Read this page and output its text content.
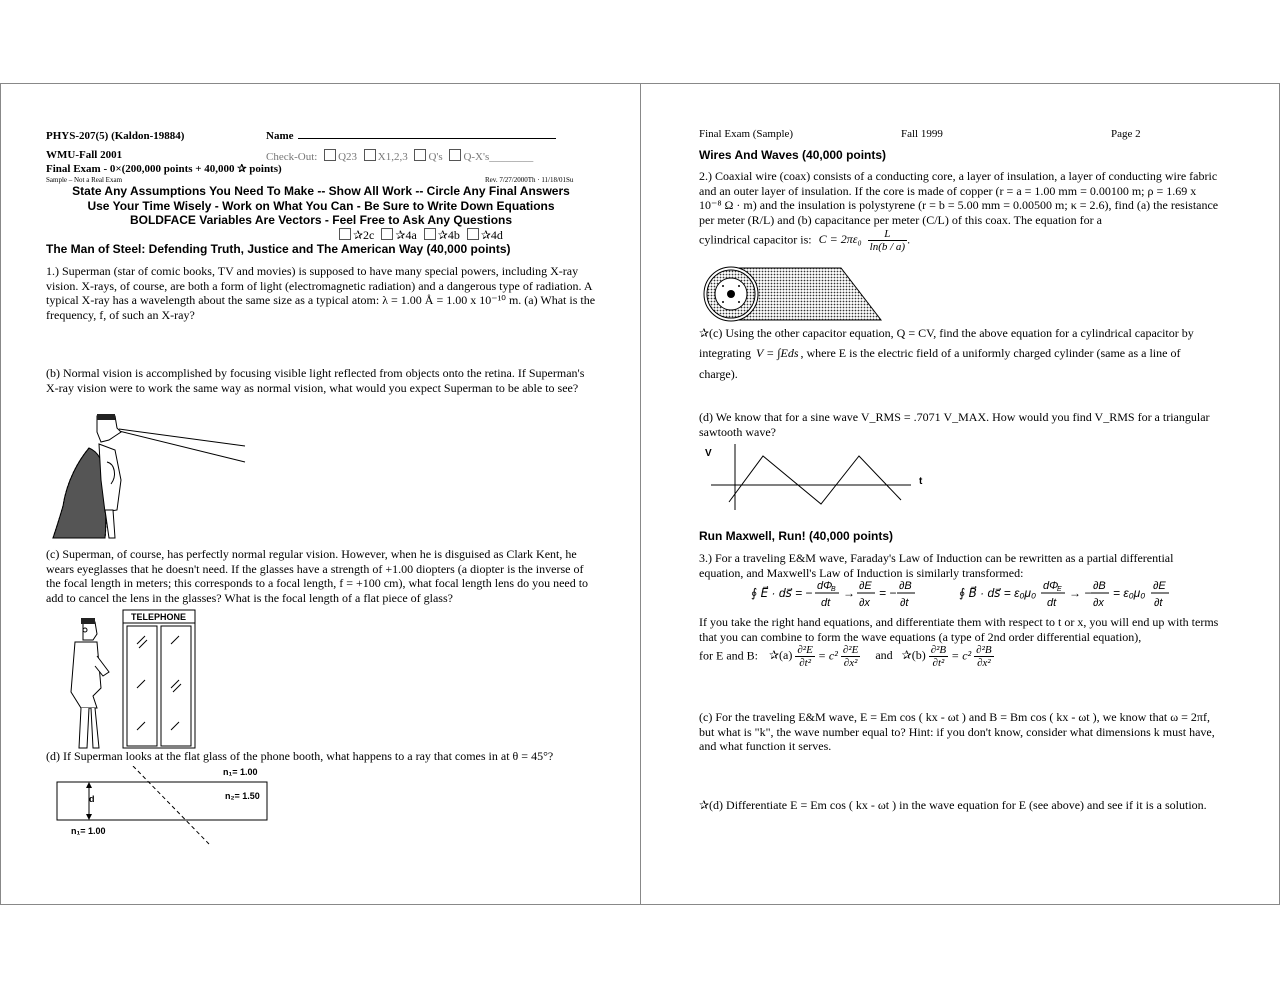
PHYS-207(5) (Kaldon-19884)	Name
WMU-Fall 2001	Check-Out: Q23 X1,2,3 Q's Q-X's________
Final Exam - 0×(200,000 points + 40,000 ✰ points)
Sample – Not a Real Exam	Rev. 7/27/2000Th · 11/18/01Su
State Any Assumptions You Need To Make -- Show All Work -- Circle Any Final Answers
Use Your Time Wisely - Work on What You Can - Be Sure to Write Down Equations
BOLDFACE Variables Are Vectors - Feel Free to Ask Any Questions
✰2c ✰4a ✰4b ✰4d
The Man of Steel: Defending Truth, Justice and The American Way (40,000 points)
1.) Superman (star of comic books, TV and movies) is supposed to have many special powers, including X-ray vision. X-rays, of course, are both a form of light (electromagnetic radiation) and a dangerous type of radiation. A typical X-ray has a wavelength about the same size as a typical atom: λ = 1.00 Å = 1.00 x 10⁻¹⁰ m. (a) What is the frequency, f, of such an X-ray?
(b) Normal vision is accomplished by focusing visible light reflected from objects onto the retina. If Superman's X-ray vision were to work the same way as normal vision, what would you expect Superman to be able to see?
(c) Superman, of course, has perfectly normal regular vision. However, when he is disguised as Clark Kent, he wears eyeglasses that he doesn't need. If the glasses have a strength of +1.00 diopters (a diopter is the inverse of the focal length in meters; this corresponds to a focal length, f = +100 cm), what focal length lens do you need to add to cancel the lens in the glasses? What is the focal length of a flat piece of glass?
TELEPHONE
(d) If Superman looks at the flat glass of the phone booth, what happens to a ray that comes in at θ = 45°?
d
n₁= 1.00
n₂= 1.50
n₁= 1.00
Final Exam (Sample)	Fall 1999	Page 2
Wires And Waves (40,000 points)
2.) Coaxial wire (coax) consists of a conducting core, a layer of insulation, a layer of conducting wire fabric and an outer layer of insulation. If the core is made of copper (r = a = 1.00 mm = 0.00100 m; ρ = 1.69 x 10⁻⁸ Ω · m) and the insulation is polystyrene (r = b = 5.00 mm = 0.00500 m; κ = 2.6), find (a) the resistance per meter (R/L) and (b) capacitance per meter (C/L) of this coax. The equation for a
cylindrical capacitor is: $C = 2\pi\varepsilon_0 \frac{L}{\ln(b / a)}$ .
✰(c) Using the other capacitor equation, Q = CV, find the above equation for a cylindrical capacitor by
integrating V = ∫Eds , where E is the electric field of a uniformly charged cylinder (same as a line of
charge).
(d) We know that for a sine wave V_RMS = .7071 V_MAX. How would you find V_RMS for a triangular sawtooth wave?
V
t
Run Maxwell, Run! (40,000 points)
3.) For a traveling E&M wave, Faraday's Law of Induction can be rewritten as a partial differential equation, and Maxwell's Law of Induction is similarly transformed:
∮ E⃗ · ds⃗ = − dΦ
B
dt
→ ∂E
∂x
= − ∂B
∂t
∮ B⃗ · ds⃗ = ε₀μ₀ dΦ
E
dt
→ − ∂B
∂x
= ε₀μ₀ ∂E
∂t
If you take the right hand equations, and differentiate them with respect to t or x, you will end up with terms that you can combine to form the wave equations (a type of 2nd order differential equation),
for E and B: ✰(a) $\frac{\text{∂²E}}{\text{∂t²}} = c^2 \frac{\text{∂²E}}{\text{∂x²}}$ and ✰(b) $\frac{\text{∂²B}}{\text{∂t²}} = c^2 \frac{\text{∂²B}}{\text{∂x²}}$
(c) For the traveling E&M wave, E = Em cos ( kx - ωt ) and B = Bm cos ( kx - ωt ), we know that ω = 2πf, but what is "k", the wave number equal to? Hint: if you don't know, consider what dimensions k must have, and what function it serves.
✰(d) Differentiate E = Em cos ( kx - ωt ) in the wave equation for E (see above) and see if it is a solution.
